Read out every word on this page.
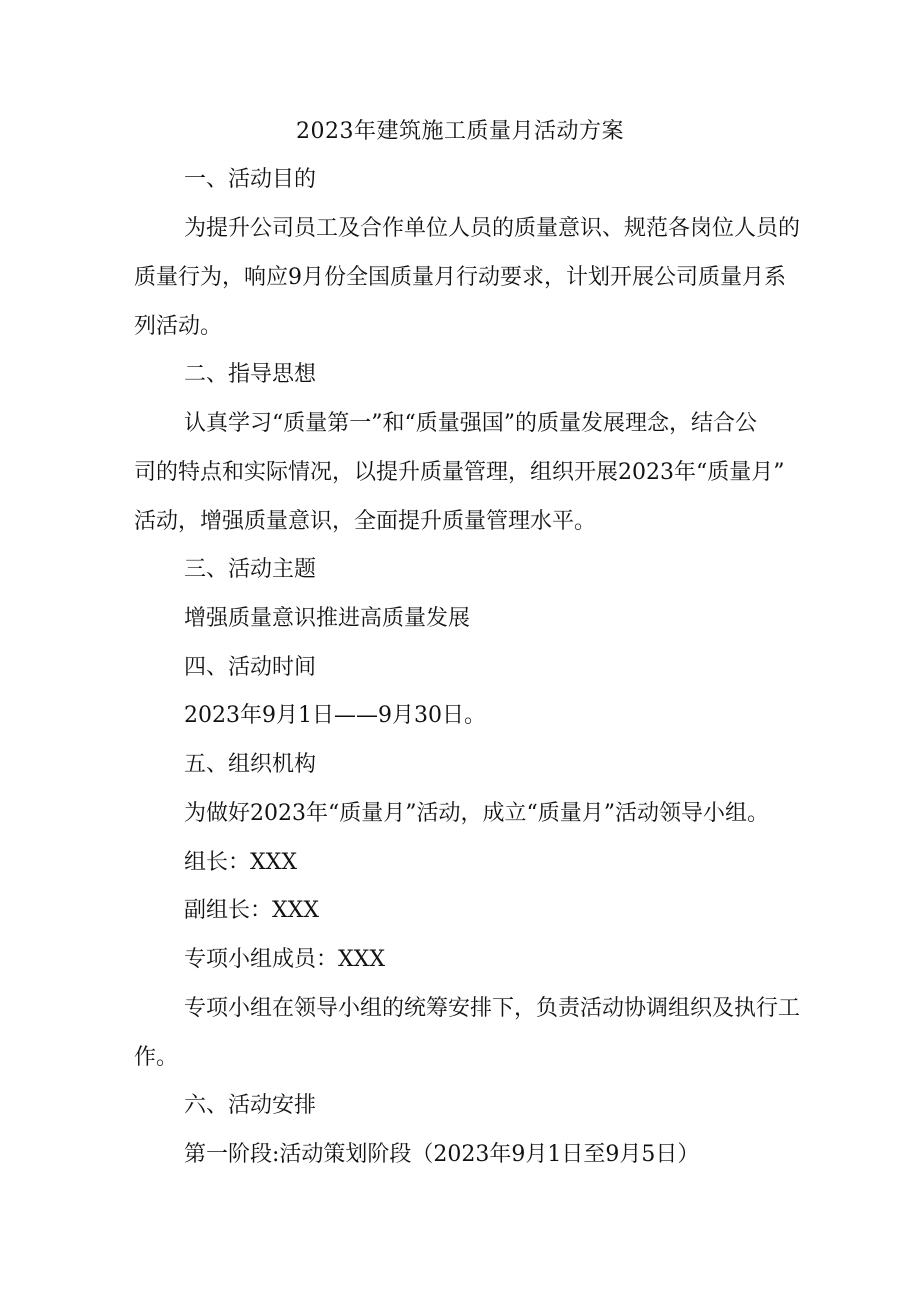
2023年建筑施工质量月活动方案
一、活动目的
为提升公司员工及合作单位人员的质量意识、规范各岗位人员的
质量行为，响应9月份全国质量月行动要求，计划开展公司质量月系
列活动。
二、指导思想
认真学习“质量第一”和“质量强国”的质量发展理念，结合公
司的特点和实际情况，以提升质量管理，组织开展2023年“质量月”
活动，增强质量意识，全面提升质量管理水平。
三、活动主题
增强质量意识推进高质量发展
四、活动时间
2023年9月1日——9月30日。
五、组织机构
为做好2023年“质量月”活动，成立“质量月”活动领导小组。
组长：XXX
副组长：XXX
专项小组成员：XXX
专项小组在领导小组的统筹安排下，负责活动协调组织及执行工
作。
六、活动安排
第一阶段:活动策划阶段（2023年9月1日至9月5日）
